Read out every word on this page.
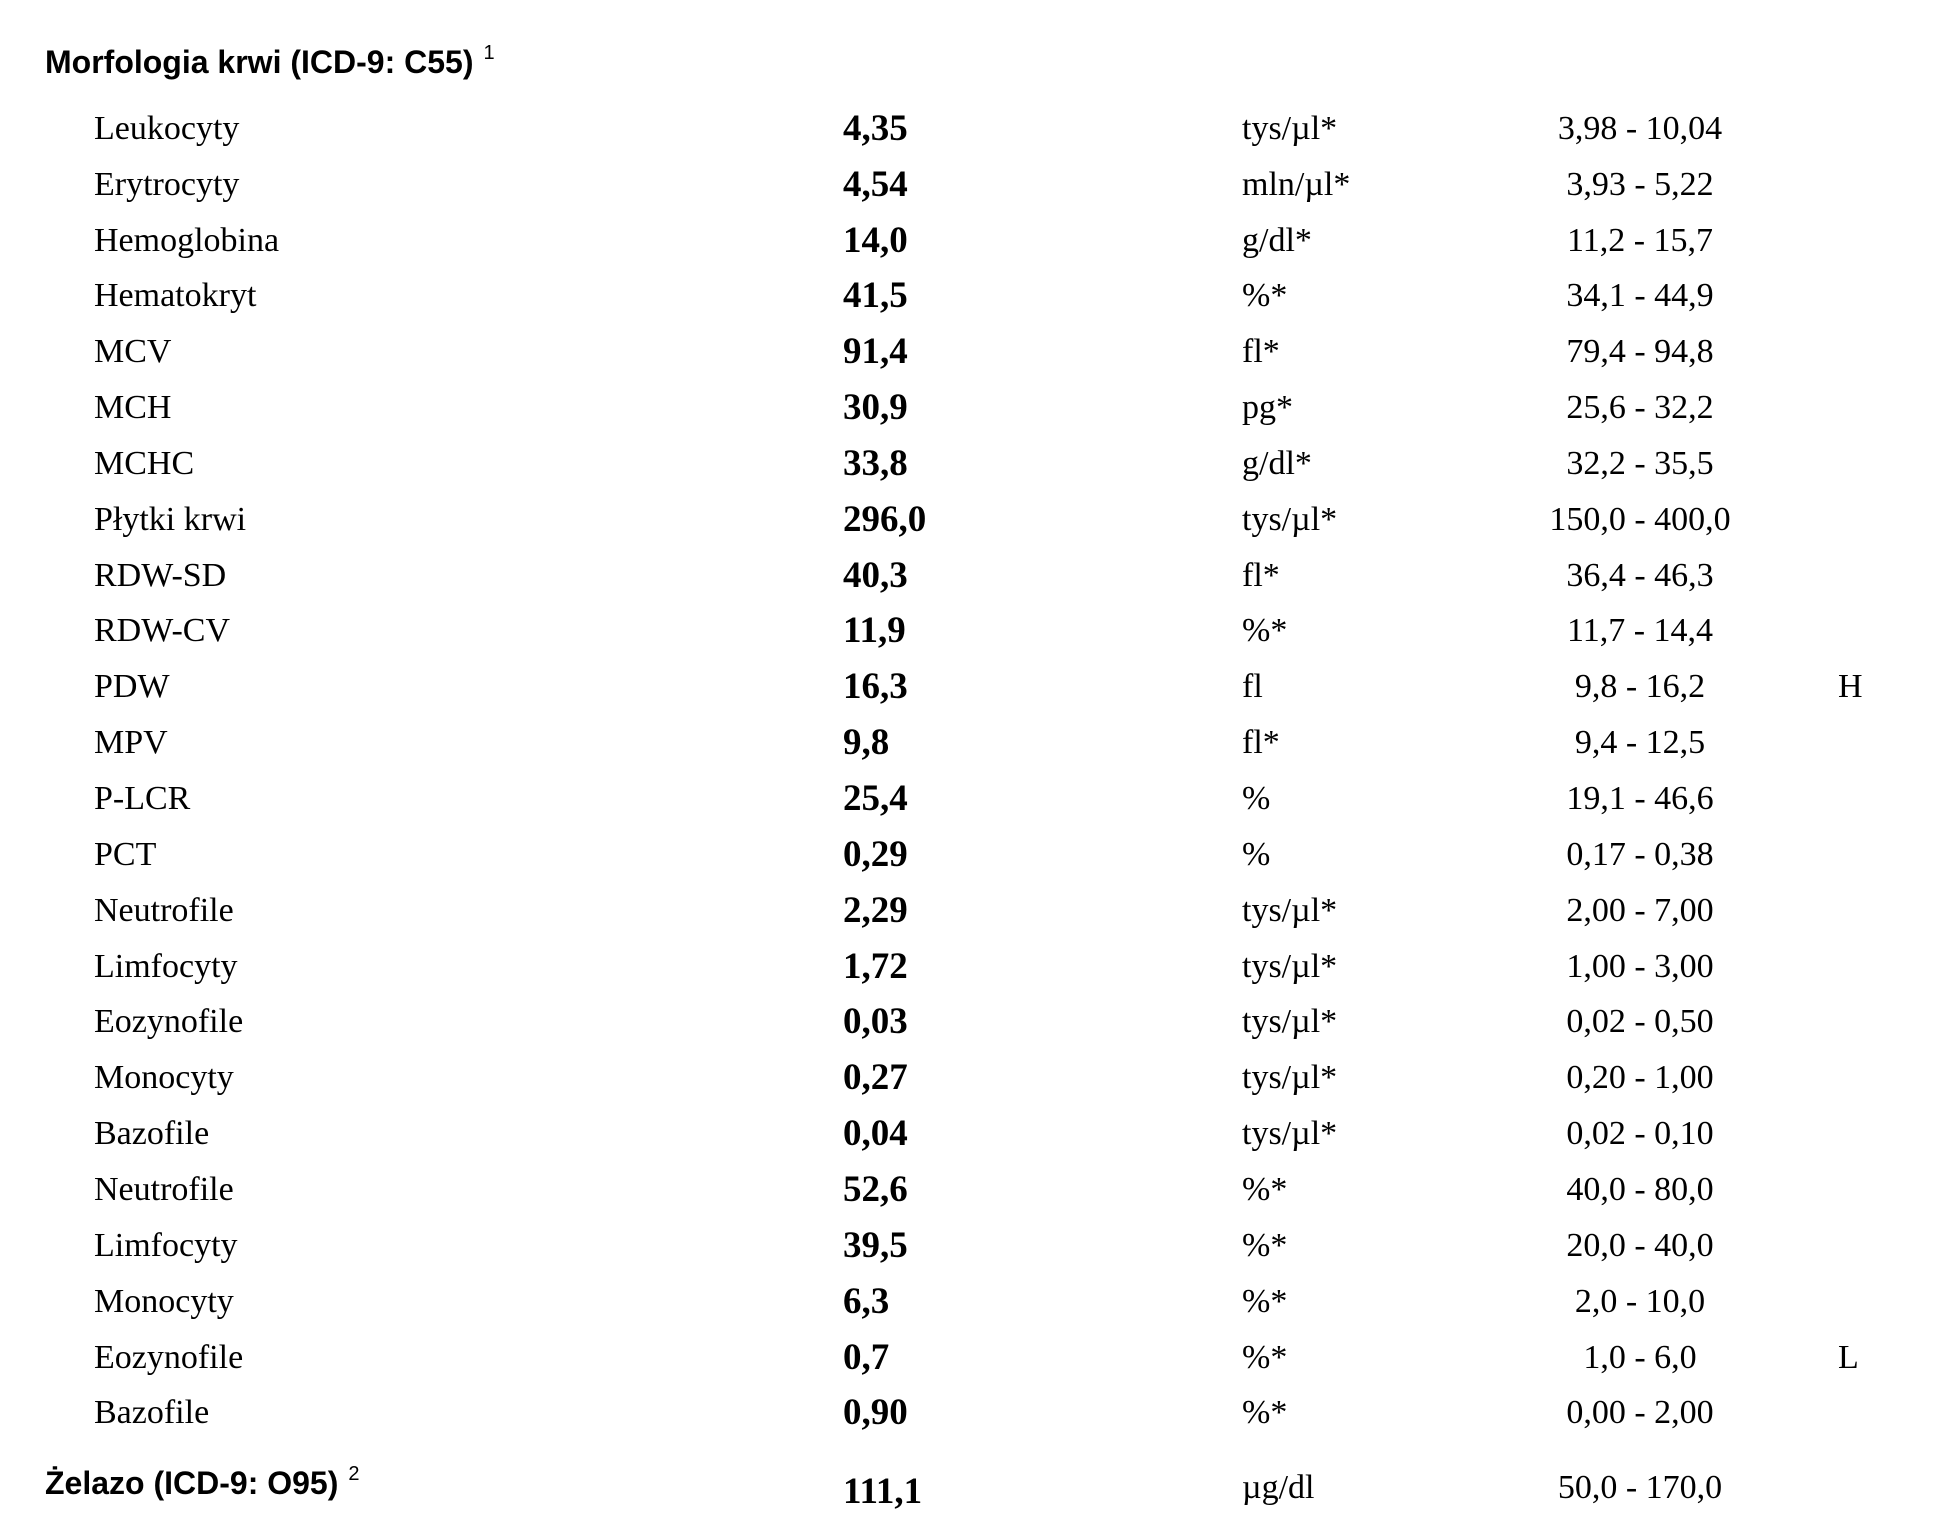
Morfologia krwi (ICD-9: C55) $^1$
Leukocyty	4,35	tys/µl*	3,98 - 10,04
Erytrocyty	4,54	mln/µl*	3,93 - 5,22
Hemoglobina	14,0	g/dl*	11,2 - 15,7
Hematokryt	41,5	%*	34,1 - 44,9
MCV	91,4	fl*	79,4 - 94,8
MCH	30,9	pg*	25,6 - 32,2
MCHC	33,8	g/dl*	32,2 - 35,5
Płytki krwi	296,0	tys/µl*	150,0 - 400,0
RDW-SD	40,3	fl*	36,4 - 46,3
RDW-CV	11,9	%*	11,7 - 14,4
PDW	16,3	fl	9,8 - 16,2	H
MPV	9,8	fl*	9,4 - 12,5
P-LCR	25,4	%	19,1 - 46,6
PCT	0,29	%	0,17 - 0,38
Neutrofile	2,29	tys/µl*	2,00 - 7,00
Limfocyty	1,72	tys/µl*	1,00 - 3,00
Eozynofile	0,03	tys/µl*	0,02 - 0,50
Monocyty	0,27	tys/µl*	0,20 - 1,00
Bazofile	0,04	tys/µl*	0,02 - 0,10
Neutrofile	52,6	%*	40,0 - 80,0
Limfocyty	39,5	%*	20,0 - 40,0
Monocyty	6,3	%*	2,0 - 10,0
Eozynofile	0,7	%*	1,0 - 6,0	L
Bazofile	0,90	%*	0,00 - 2,00
Żelazo (ICD-9: O95) $^2$	111,1	µg/dl	50,0 - 170,0
